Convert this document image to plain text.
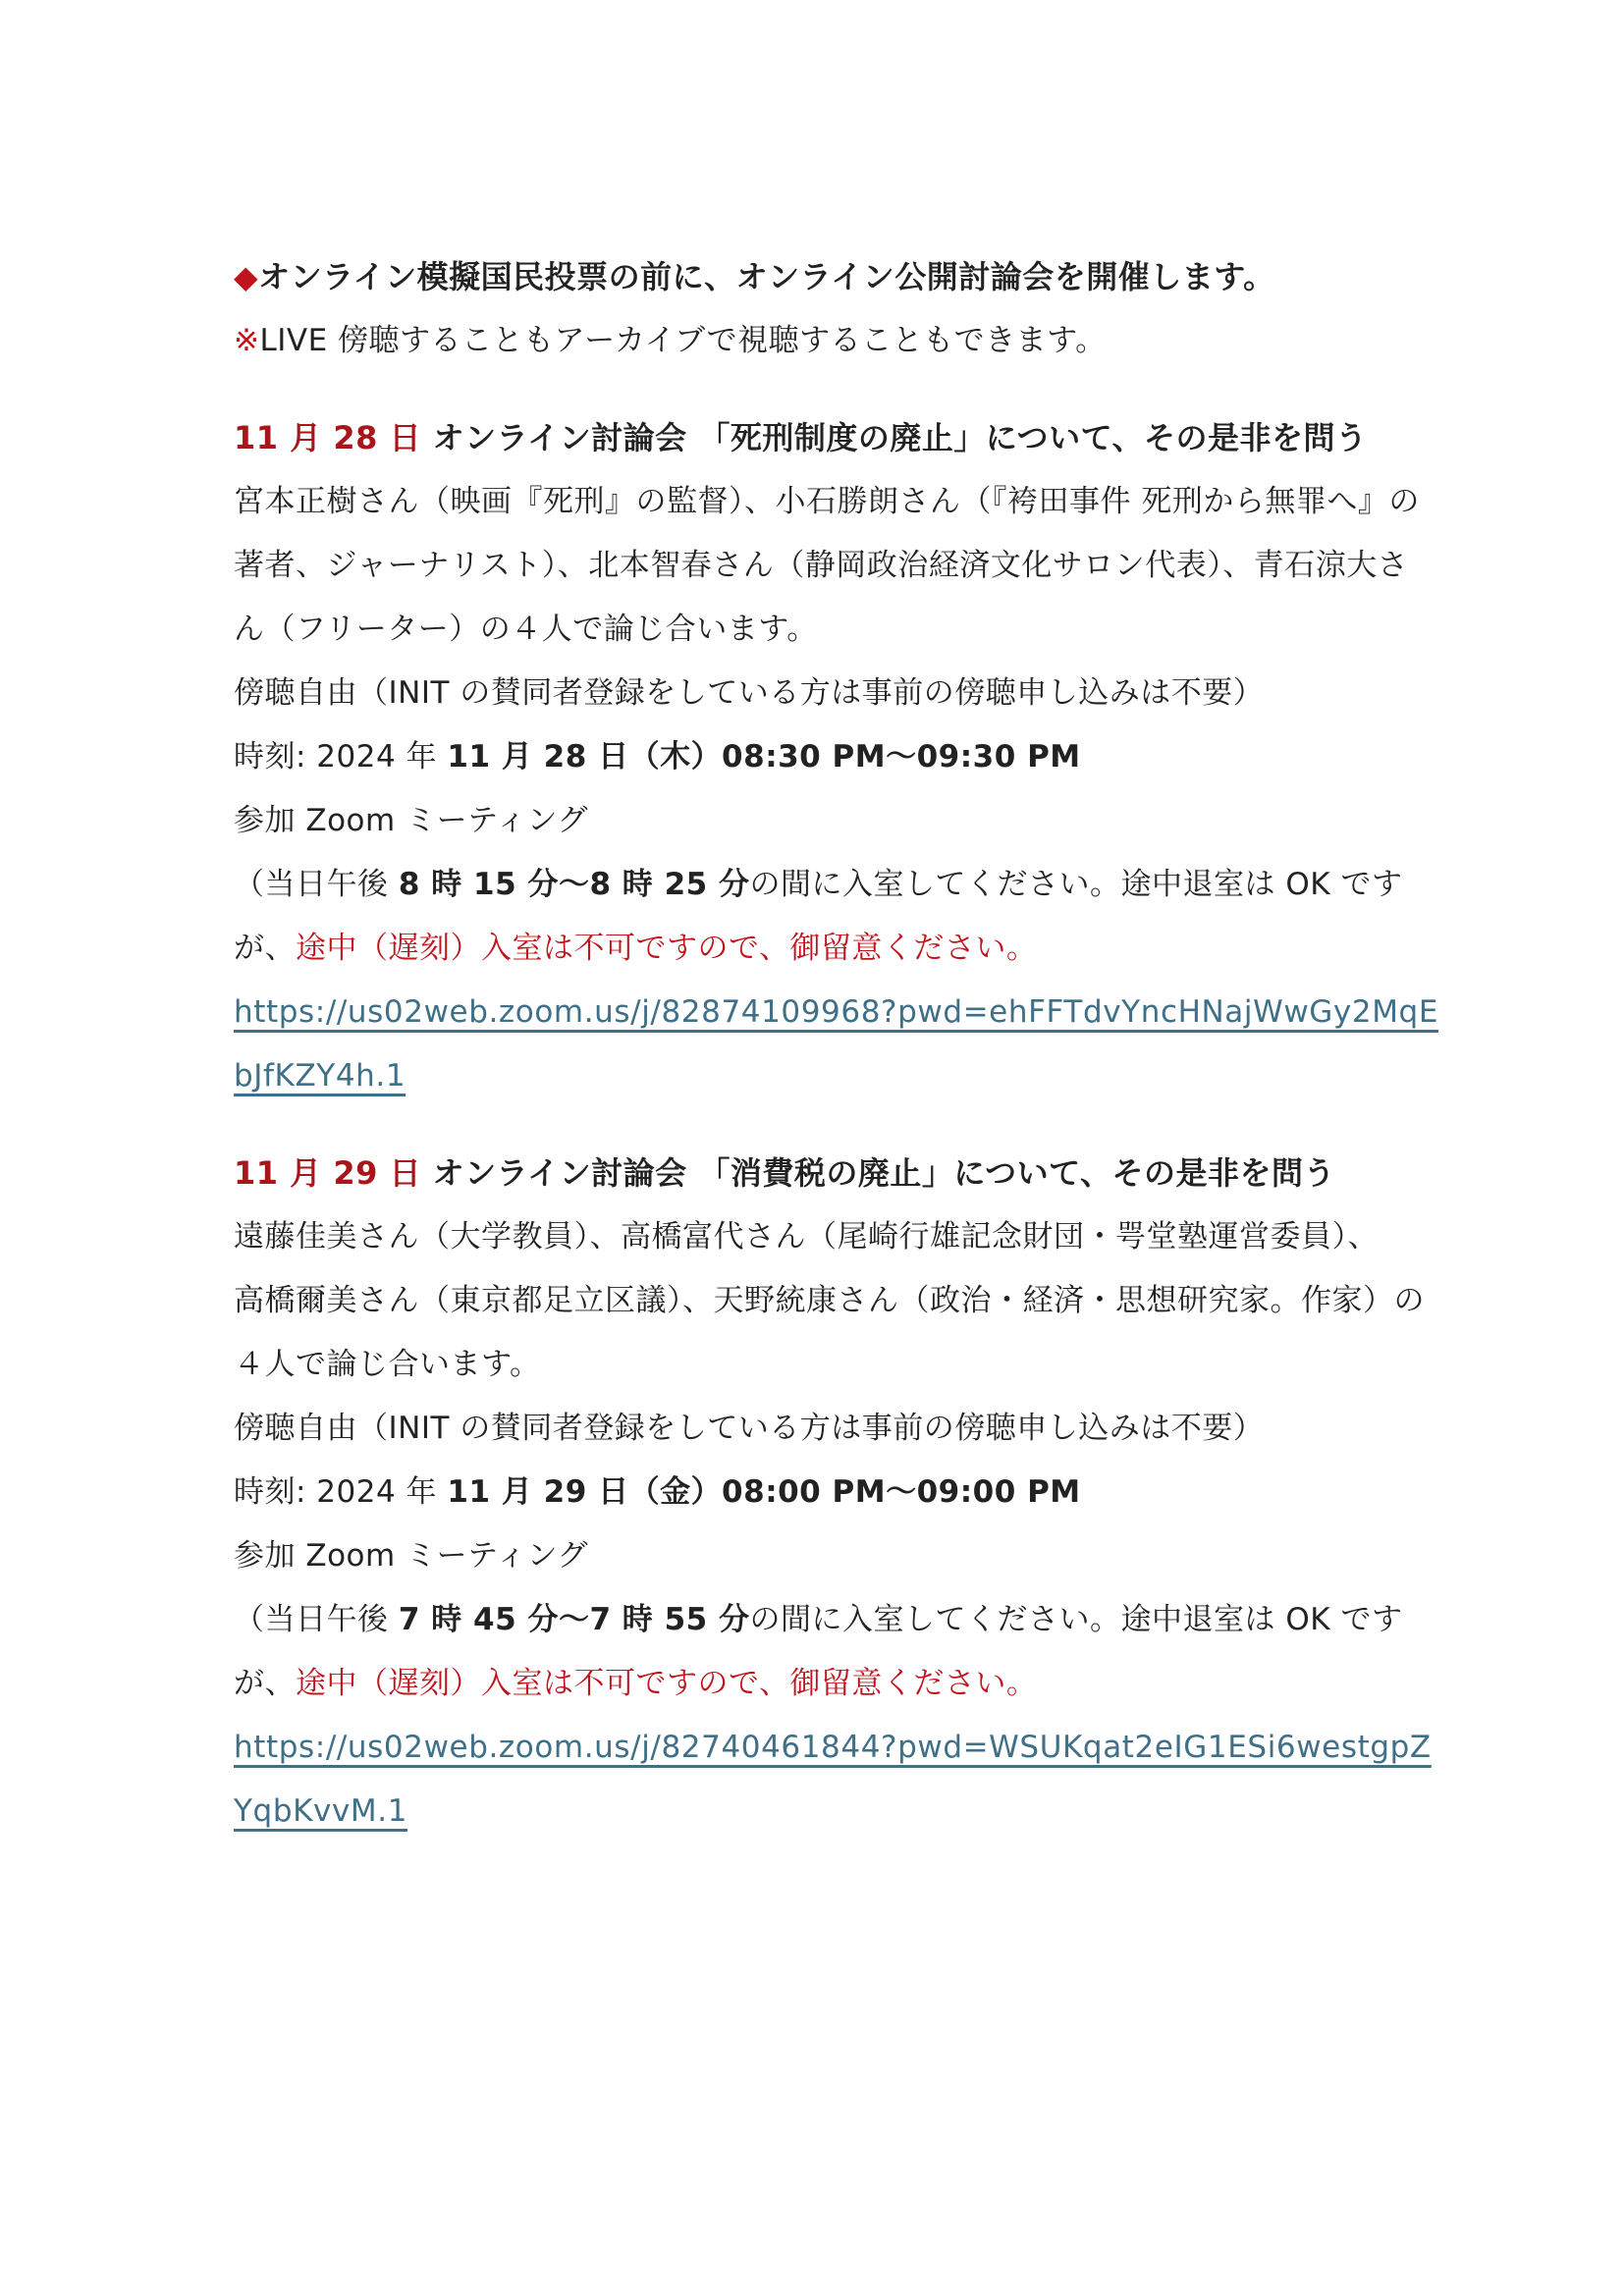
◆オンライン模擬国民投票の前に、オンライン公開討論会を開催します。
※LIVE 傍聴することもアーカイブで視聴することもできます。
11 月 28 日 オンライン討論会 「死刑制度の廃止」について、その是非を問う
宮本正樹さん（映画『死刑』の監督）、小石勝朗さん（『袴田事件 死刑から無罪へ』の
著者、ジャーナリスト）、北本智春さん（静岡政治経済文化サロン代表）、青石涼大さ
ん（フリーター）の４人で論じ合います。
傍聴自由（INIT の賛同者登録をしている方は事前の傍聴申し込みは不要）
時刻: 2024 年 11 月 28 日（木）08:30 PM～09:30 PM
参加 Zoom ミーティング
（当日午後 8 時 15 分～8 時 25 分の間に入室してください。途中退室は OK です
が、途中（遅刻）入室は不可ですので、御留意ください。
https://us02web.zoom.us/j/82874109968?pwd=ehFFTdvYncHNajWwGy2MqE
bJfKZY4h.1
11 月 29 日 オンライン討論会 「消費税の廃止」について、その是非を問う
遠藤佳美さん（大学教員）、高橋富代さん（尾崎行雄記念財団・咢堂塾運営委員）、
高橋爾美さん（東京都足立区議）、天野統康さん（政治・経済・思想研究家。作家）の
４人で論じ合います。
傍聴自由（INIT の賛同者登録をしている方は事前の傍聴申し込みは不要）
時刻: 2024 年 11 月 29 日（金）08:00 PM～09:00 PM
参加 Zoom ミーティング
（当日午後 7 時 45 分～7 時 55 分の間に入室してください。途中退室は OK です
が、途中（遅刻）入室は不可ですので、御留意ください。
https://us02web.zoom.us/j/82740461844?pwd=WSUKqat2eIG1ESi6westgpZ
YqbKvvM.1
